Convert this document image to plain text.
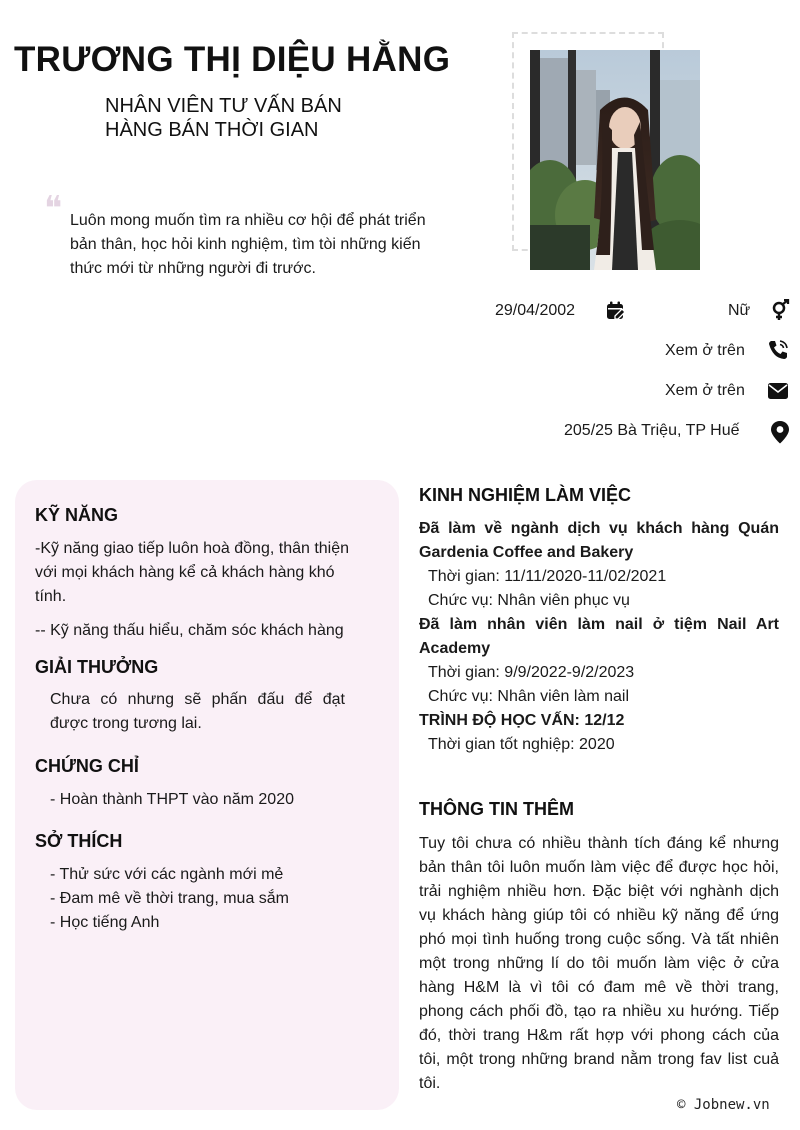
TRƯƠNG THỊ DIỆU HẰNG
NHÂN VIÊN TƯ VẤN BÁN HÀNG BÁN THỜI GIAN
❝ Luôn mong muốn tìm ra nhiều cơ hội để phát triển bản thân, học hỏi kinh nghiệm, tìm tòi những kiến thức mới từ những người đi trước.
29/04/2002	Nữ
Xem ở trên
Xem ở trên
205/25 Bà Triệu, TP Huế
KỸ NĂNG
-Kỹ năng giao tiếp luôn hoà đồng, thân thiện với mọi khách hàng kể cả khách hàng khó tính.
-- Kỹ năng thấu hiểu, chăm sóc khách hàng
GIẢI THƯỞNG
Chưa có nhưng sẽ phấn đấu để đạt được trong tương lai.
CHỨNG CHỈ
- Hoàn thành THPT vào năm 2020
SỞ THÍCH
- Thử sức với các ngành mới mẻ
- Đam mê về thời trang, mua sắm
- Học tiếng Anh
KINH NGHIỆM LÀM VIỆC
Đã làm về ngành dịch vụ khách hàng Quán Gardenia Coffee and Bakery
Thời gian: 11/11/2020-11/02/2021
Chức vụ: Nhân viên phục vụ
Đã làm nhân viên làm nail ở tiệm Nail Art Academy
Thời gian: 9/9/2022-9/2/2023
Chức vụ: Nhân viên làm nail
TRÌNH ĐỘ HỌC VẤN: 12/12
Thời gian tốt nghiệp: 2020
THÔNG TIN THÊM
Tuy tôi chưa có nhiều thành tích đáng kể nhưng bản thân tôi luôn muốn làm việc để được học hỏi, trải nghiệm nhiều hơn. Đặc biệt với nghành dịch vụ khách hàng giúp tôi có nhiều kỹ năng để ứng phó mọi tình huống trong cuộc sống. Và tất nhiên một trong những lí do tôi muốn làm việc ở cửa hàng H&M là vì tôi có đam mê về thời trang, phong cách phối đồ, tạo ra nhiều xu hướng. Tiếp đó, thời trang H&m rất hợp với phong cách của tôi, một trong những brand nằm trong fav list cuả tôi.
© Jobnew.vn
